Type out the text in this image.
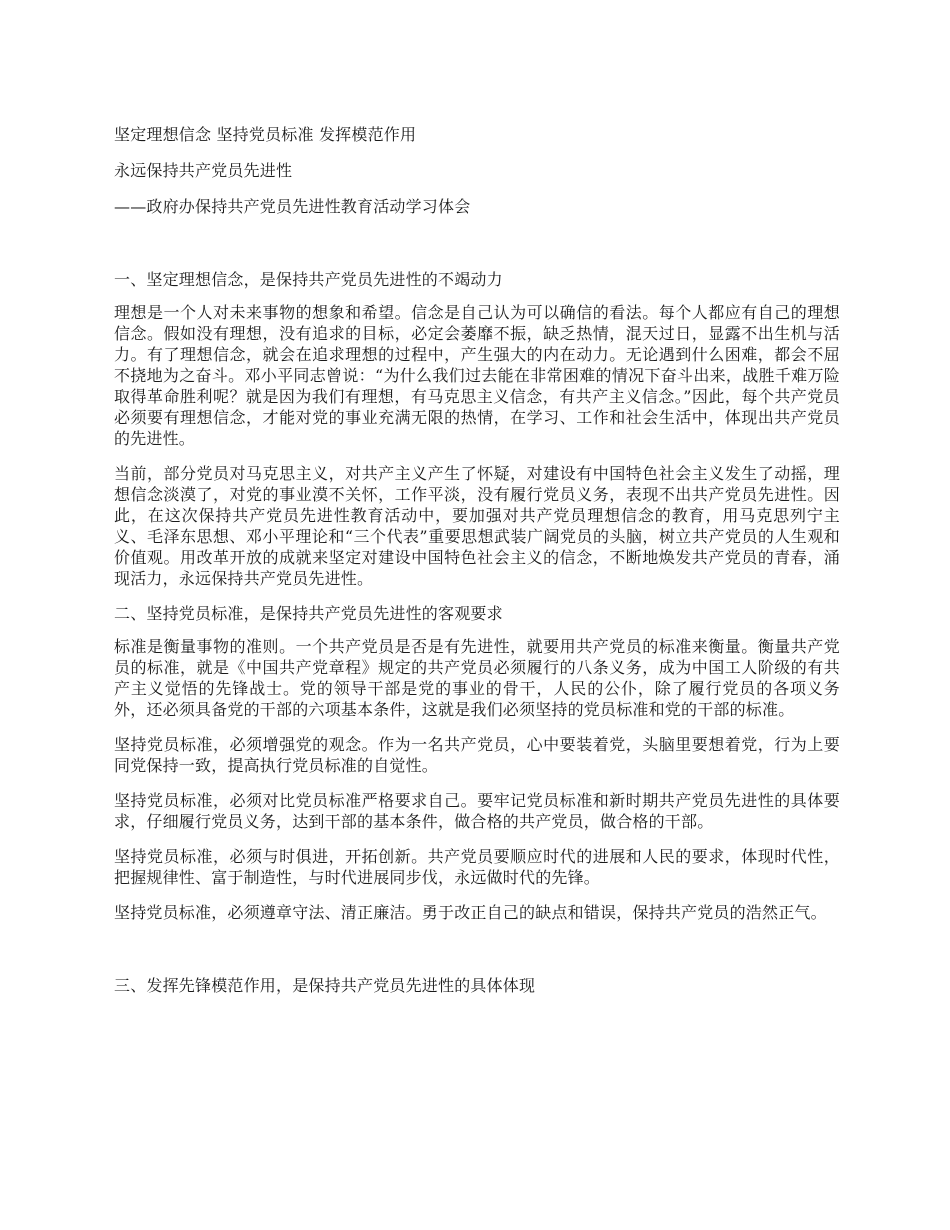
坚定理想信念 坚持党员标准 发挥模范作用

永远保持共产党员先进性

——政府办保持共产党员先进性教育活动学习体会

一、坚定理想信念，是保持共产党员先进性的不竭动力

理想是一个人对未来事物的想象和希望。信念是自己认为可以确信的看法。每个人都应有自己的理想信念。假如没有理想，没有追求的目标，必定会萎靡不振，缺乏热情，混天过日，显露不出生机与活力。有了理想信念，就会在追求理想的过程中，产生强大的内在动力。无论遇到什么困难，都会不屈不挠地为之奋斗。邓小平同志曾说：“为什么我们过去能在非常困难的情况下奋斗出来，战胜千难万险取得革命胜利呢？就是因为我们有理想，有马克思主义信念，有共产主义信念。”因此，每个共产党员必须要有理想信念，才能对党的事业充满无限的热情，在学习、工作和社会生活中，体现出共产党员的先进性。

当前，部分党员对马克思主义，对共产主义产生了怀疑，对建设有中国特色社会主义发生了动摇，理想信念淡漠了，对党的事业漠不关怀，工作平淡，没有履行党员义务，表现不出共产党员先进性。因此，在这次保持共产党员先进性教育活动中，要加强对共产党员理想信念的教育，用马克思列宁主义、毛泽东思想、邓小平理论和“三个代表”重要思想武装广阔党员的头脑，树立共产党员的人生观和价值观。用改革开放的成就来坚定对建设中国特色社会主义的信念，不断地焕发共产党员的青春，涌现活力，永远保持共产党员先进性。

二、坚持党员标准，是保持共产党员先进性的客观要求

标准是衡量事物的准则。一个共产党员是否是有先进性，就要用共产党员的标准来衡量。衡量共产党员的标准，就是《中国共产党章程》规定的共产党员必须履行的八条义务，成为中国工人阶级的有共产主义觉悟的先锋战士。党的领导干部是党的事业的骨干，人民的公仆，除了履行党员的各项义务外，还必须具备党的干部的六项基本条件，这就是我们必须坚持的党员标准和党的干部的标准。

坚持党员标准，必须增强党的观念。作为一名共产党员，心中要装着党，头脑里要想着党，行为上要同党保持一致，提高执行党员标准的自觉性。

坚持党员标准，必须对比党员标准严格要求自己。要牢记党员标准和新时期共产党员先进性的具体要求，仔细履行党员义务，达到干部的基本条件，做合格的共产党员，做合格的干部。

坚持党员标准，必须与时俱进，开拓创新。共产党员要顺应时代的进展和人民的要求，体现时代性，把握规律性、富于制造性，与时代进展同步伐，永远做时代的先锋。

坚持党员标准，必须遵章守法、清正廉洁。勇于改正自己的缺点和错误，保持共产党员的浩然正气。

三、发挥先锋模范作用，是保持共产党员先进性的具体体现
